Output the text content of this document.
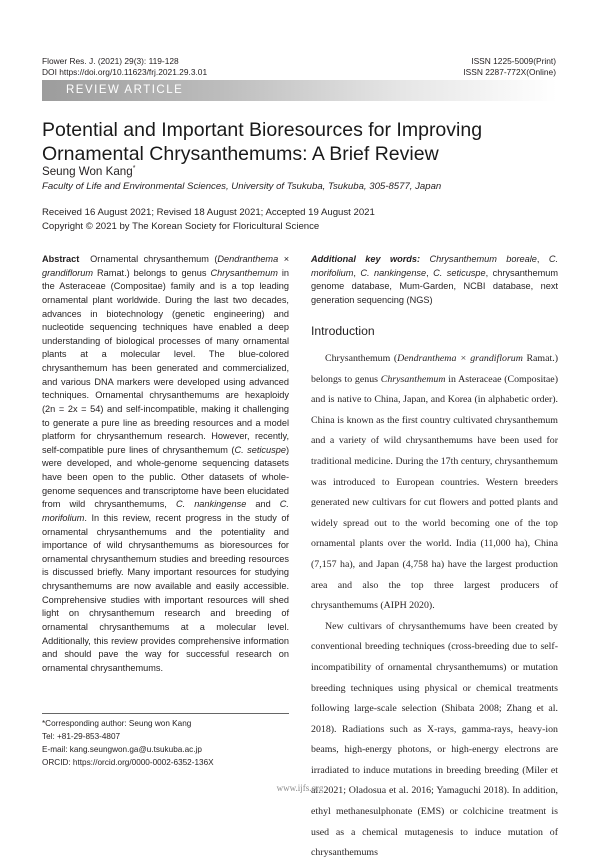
Flower Res. J. (2021) 29(3): 119-128
DOI https://doi.org/10.11623/frj.2021.29.3.01
ISSN 1225-5009(Print)
ISSN 2287-772X(Online)
REVIEW ARTICLE
Potential and Important Bioresources for Improving Ornamental Chrysanthemums: A Brief Review
Seung Won Kang*
Faculty of Life and Environmental Sciences, University of Tsukuba, Tsukuba, 305-8577, Japan
Received 16 August 2021; Revised 18 August 2021; Accepted 19 August 2021
Copyright © 2021 by The Korean Society for Floricultural Science
Abstract Ornamental chrysanthemum (Dendranthema × grandiflorum Ramat.) belongs to genus Chrysanthemum in the Asteraceae (Compositae) family and is a top leading ornamental plant worldwide. During the last two decades, advances in biotechnology (genetic engineering) and nucleotide sequencing techniques have enabled a deep understanding of biological processes of many ornamental plants at a molecular level. The blue-colored chrysanthemum has been generated and commercialized, and various DNA markers were developed using advanced techniques. Ornamental chrysanthemums are hexaploidy (2n = 2x = 54) and self-incompatible, making it challenging to generate a pure line as breeding resources and a model platform for chrysanthemum research. However, recently, self-compatible pure lines of chrysanthemum (C. seticuspe) were developed, and whole-genome sequencing datasets have been open to the public. Other datasets of whole-genome sequences and transcriptome have been elucidated from wild chrysanthemums, C. nankingense and C. morifolium. In this review, recent progress in the study of ornamental chrysanthemums and the potentiality and importance of wild chrysanthemums as bioresources for ornamental chrysanthemum studies and breeding resources is discussed briefly. Many important resources for studying chrysanthemums are now available and easily accessible. Comprehensive studies with important resources will shed light on chrysanthemum research and breeding of ornamental chrysanthemums at a molecular level. Additionally, this review provides comprehensive information and should pave the way for successful research on ornamental chrysanthemums.
Additional key words: Chrysanthemum boreale, C. morifolium, C. nankingense, C. seticuspe, chrysanthemum genome database, Mum-Garden, NCBI database, next generation sequencing (NGS)
Introduction

Chrysanthemum (Dendranthema × grandiflorum Ramat.) belongs to genus Chrysanthemum in Asteraceae (Compositae) and is native to China, Japan, and Korea (in alphabetic order). China is known as the first country cultivated chrysanthemum and a variety of wild chrysanthemums have been used for traditional medicine. During the 17th century, chrysanthemum was introduced to European countries. Western breeders generated new cultivars for cut flowers and potted plants and widely spread out to the world becoming one of the top ornamental plants over the world. India (11,000 ha), China (7,157 ha), and Japan (4,758 ha) have the largest production area and also the top three largest producers of chrysanthemums (AIPH 2020).

New cultivars of chrysanthemums have been created by conventional breeding techniques (cross-breeding due to self-incompatibility of ornamental chrysanthemums) or mutation breeding techniques using physical or chemical treatments following large-scale selection (Shibata 2008; Zhang et al. 2018). Radiations such as X-rays, gamma-rays, heavy-ion beams, high-energy photons, or high-energy electrons are irradiated to induce mutations in breeding breeding (Miler et al. 2021; Oladosua et al. 2016; Yamaguchi 2018). In addition, ethyl methanesulphonate (EMS) or colchicine treatment is used as a chemical mutagenesis to induce mutation of chrysanthemums

*Corresponding author: Seung won Kang
Tel: +81-29-853-4807
E-mail: kang.seungwon.ga@u.tsukuba.ac.jp
ORCID: https://orcid.org/0000-0002-6352-136X
www.ijfs.org
